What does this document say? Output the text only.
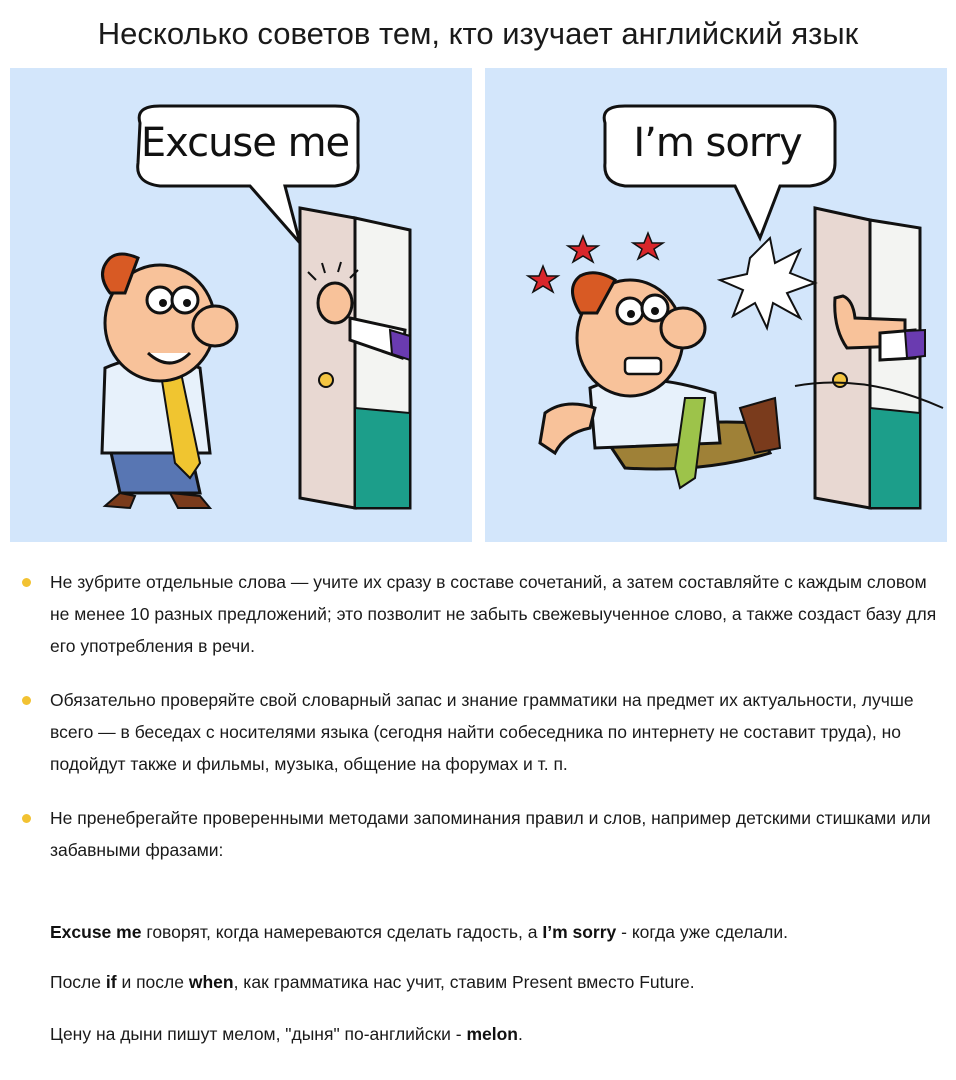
Несколько советов тем, кто изучает английский язык
Excuse me	I’m sorry
Не зубрите отдельные слова — учите их сразу в составе сочетаний, а затем составляйте с каждым словом не менее 10 разных предложений; это позволит не забыть свежевыученное слово, а также создаст базу для его употребления в речи.
Обязательно проверяйте свой словарный запас и знание грамматики на предмет их актуальности, лучше всего — в беседах с носителями языка (сегодня найти собеседника по интернету не составит труда), но подойдут также и фильмы, музыка, общение на форумах и т. п.
Не пренебрегайте проверенными методами запоминания правил и слов, например детскими стишками или забавными фразами:
Excuse me говорят, когда намереваются сделать гадость, а I’m sorry - когда уже сделали.
После if и после when, как грамматика нас учит, ставим Present вместо Future.
Цену на дыни пишут мелом, "дыня" по-английски - melon.
